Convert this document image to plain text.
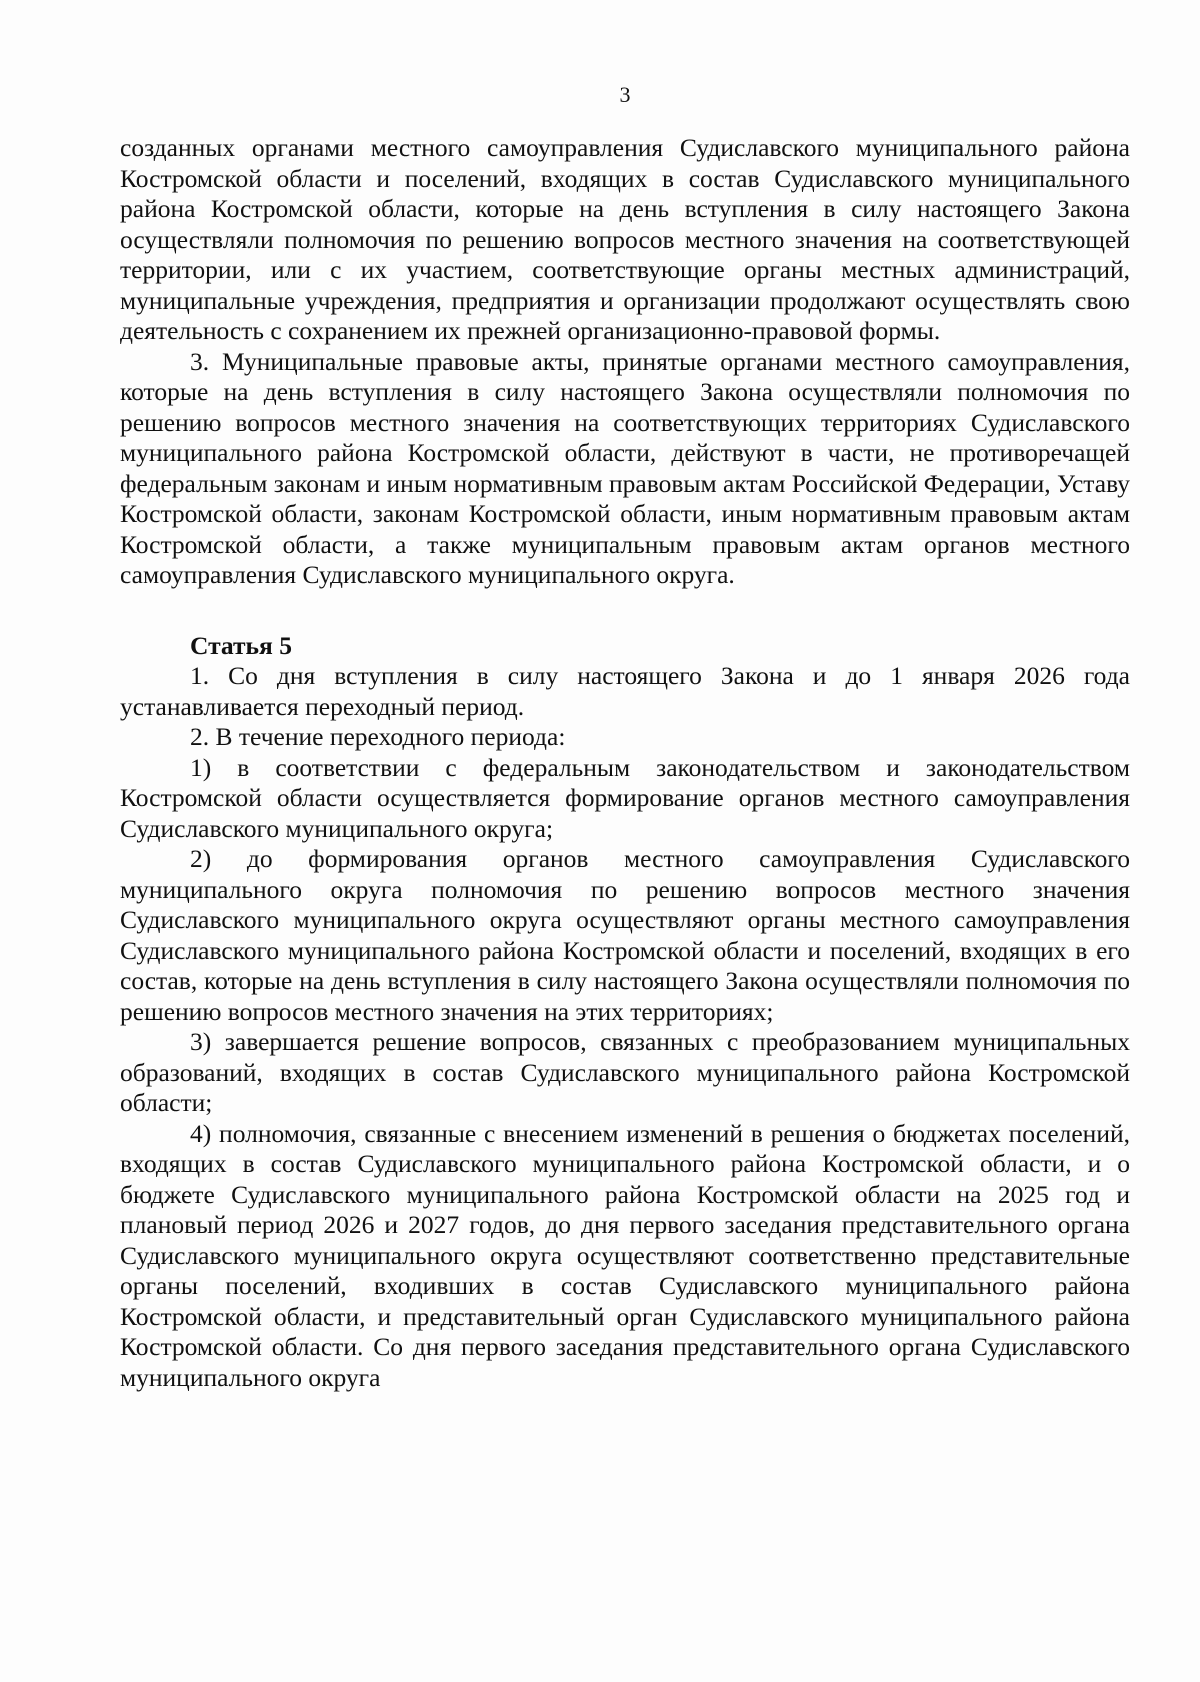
3

созданных органами местного самоуправления Судиславского муниципального района Костромской области и поселений, входящих в состав Судиславского муниципального района Костромской области, которые на день вступления в силу настоящего Закона осуществляли полномочия по решению вопросов местного значения на соответствующей территории, или с их участием, соответствующие органы местных администраций, муниципальные учреждения, предприятия и организации продолжают осуществлять свою деятельность с сохранением их прежней организационно-правовой формы.

3. Муниципальные правовые акты, принятые органами местного самоуправления, которые на день вступления в силу настоящего Закона осуществляли полномочия по решению вопросов местного значения на соответствующих территориях Судиславского муниципального района Костромской области, действуют в части, не противоречащей федеральным законам и иным нормативным правовым актам Российской Федерации, Уставу Костромской области, законам Костромской области, иным нормативным правовым актам Костромской области, а также муниципальным правовым актам органов местного самоуправления Судиславского муниципального округа.

Статья 5

1. Со дня вступления в силу настоящего Закона и до 1 января 2026 года устанавливается переходный период.

2. В течение переходного периода:

1) в соответствии с федеральным законодательством и законодательством Костромской области осуществляется формирование органов местного самоуправления Судиславского муниципального округа;

2) до формирования органов местного самоуправления Судиславского муниципального округа полномочия по решению вопросов местного значения Судиславского муниципального округа осуществляют органы местного самоуправления Судиславского муниципального района Костромской области и поселений, входящих в его состав, которые на день вступления в силу настоящего Закона осуществляли полномочия по решению вопросов местного значения на этих территориях;

3) завершается решение вопросов, связанных с преобразованием муниципальных образований, входящих в состав Судиславского муниципального района Костромской области;

4) полномочия, связанные с внесением изменений в решения о бюджетах поселений, входящих в состав Судиславского муниципального района Костромской области, и о бюджете Судиславского муниципального района Костромской области на 2025 год и плановый период 2026 и 2027 годов, до дня первого заседания представительного органа Судиславского муниципального округа осуществляют соответственно представительные органы поселений, входивших в состав Судиславского муниципального района Костромской области, и представительный орган Судиславского муниципального района Костромской области. Со дня первого заседания представительного органа Судиславского муниципального округа
